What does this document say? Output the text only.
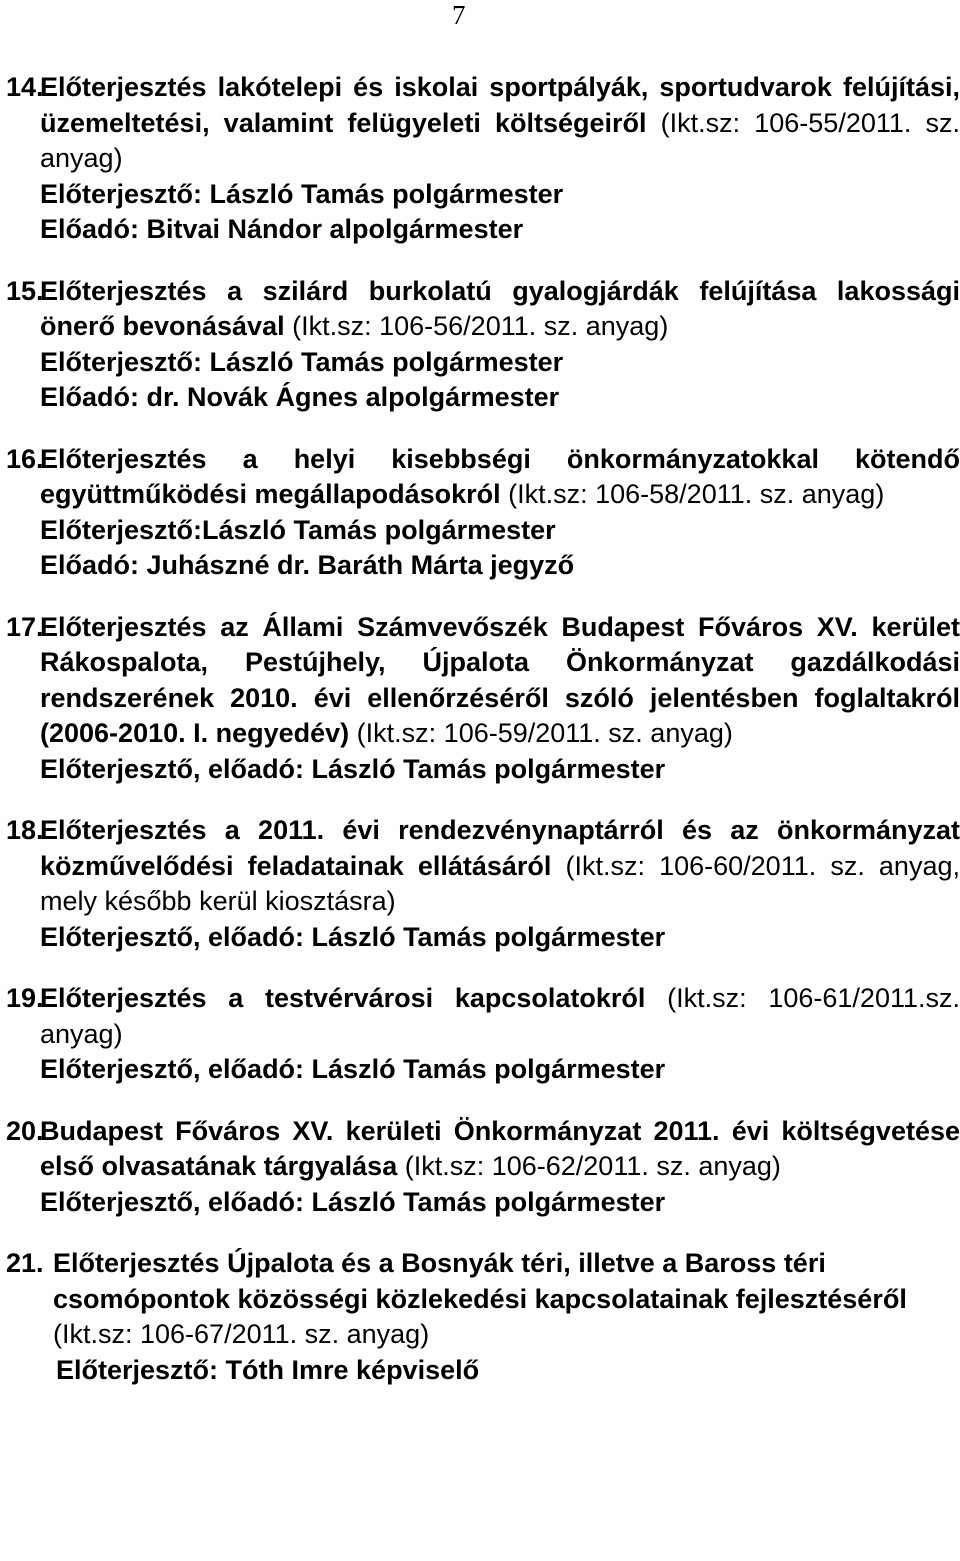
7
14.
Előterjesztés lakótelepi és iskolai sportpályák, sportudvarok felújítási, üzemeltetési, valamint felügyeleti költségeiről (Ikt.sz: 106-55/2011. sz. anyag)
Előterjesztő: László Tamás polgármester
Előadó: Bitvai Nándor alpolgármester
15.
Előterjesztés a szilárd burkolatú gyalogjárdák felújítása lakossági önerő bevonásával (Ikt.sz: 106-56/2011. sz. anyag)
Előterjesztő: László Tamás polgármester
Előadó: dr. Novák Ágnes alpolgármester
16.
Előterjesztés a helyi kisebbségi önkormányzatokkal kötendő együttműködési megállapodásokról (Ikt.sz: 106-58/2011. sz. anyag)
Előterjesztő:László Tamás polgármester
Előadó: Juhászné dr. Baráth Márta jegyző
17.
Előterjesztés az Állami Számvevőszék Budapest Főváros XV. kerület Rákospalota, Pestújhely, Újpalota Önkormányzat gazdálkodási rendszerének 2010. évi ellenőrzéséről szóló jelentésben foglaltakról (2006-2010. I. negyedév) (Ikt.sz: 106-59/2011. sz. anyag)
Előterjesztő, előadó: László Tamás polgármester
18.
Előterjesztés a 2011. évi rendezvénynaptárról és az önkormányzat közművelődési feladatainak ellátásáról (Ikt.sz: 106-60/2011. sz. anyag, mely később kerül kiosztásra)
Előterjesztő, előadó: László Tamás polgármester
19.
Előterjesztés a testvérvárosi kapcsolatokról (Ikt.sz: 106-61/2011.sz. anyag)
Előterjesztő, előadó: László Tamás polgármester
20.
Budapest Főváros XV. kerületi Önkormányzat 2011. évi költségvetése első olvasatának tárgyalása (Ikt.sz: 106-62/2011. sz. anyag)
Előterjesztő, előadó: László Tamás polgármester
21. Előterjesztés Újpalota és a Bosnyák téri, illetve a Baross téri csomópontok közösségi közlekedési kapcsolatainak fejlesztéséről (Ikt.sz: 106-67/2011. sz. anyag)
Előterjesztő: Tóth Imre képviselő
